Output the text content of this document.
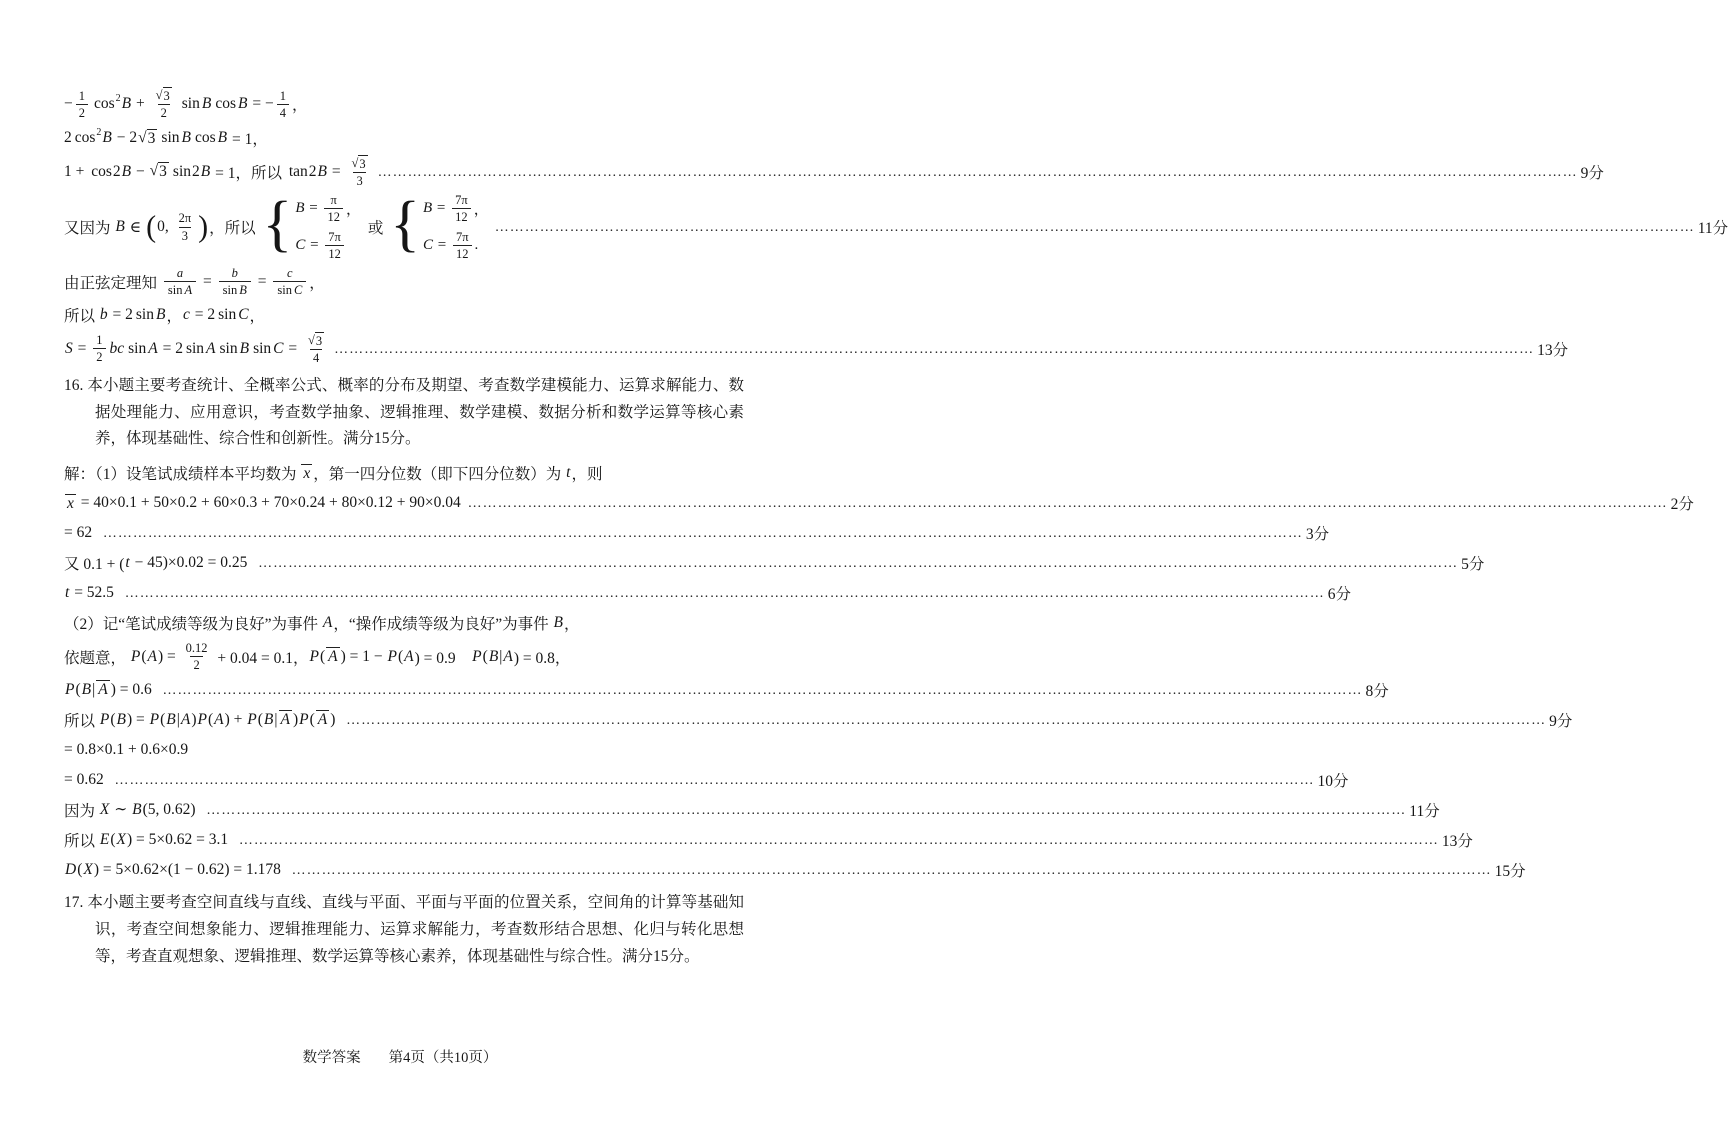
− $\frac{1}{2}$ cos 2 $B + \frac{√ 3}{2}$ sin B cos B = − $\frac{1}{4}$ ，
2 cos 2 B − 2 √ 3 sin B cos B = 1，
1 + cos 2 B − √ 3 sin 2 B = 1，所以 tan 2 $B = \frac{√ 3}{3}$ …………………………………………………………………………………………………………………………………………………………………………………………………………………… 9分
又因为 B ∈ ( 0, $\frac{2\pi}{3}$ ) ，所以 { $B = \frac{\pi}{12}$ ，
$C = \frac{7\pi}{12}$ 或 { $B = \frac{7\pi}{12}$ ，
$C = \frac{7\pi}{12}$ .
…………………………………………………………………………………………………………………………………………………………………………………………………………………… 11分
由正弦定理知 $\frac{a}{\text{sin A}} = \frac{b}{\text{sin B}} = \frac{c}{\text{sin C}}$ ，
所以 b = 2 sin B ， c = 2 sin C ，
$S = \frac{1}{2}$ bc sin A = 2 sin A sin B $\sin C = \frac{√ 3}{4}$ …………………………………………………………………………………………………………………………………………………………………………………………………………………… 13分
16. 本小题主要考查统计、全概率公式、概率的分布及期望、考查数学建模能力、运算求解能力、数据处理能力、应用意识，考查数学抽象、逻辑推理、数学建模、数据分析和数学运算等核心素养，体现基础性、综合性和创新性。满分15分。
解：（1）设笔试成绩样本平均数为 x ，第一四分位数（即下四分位数）为 t ，则
x = 40×0.1 + 50×0.2 + 60×0.3 + 70×0.24 + 80×0.12 + 90×0.04 …………………………………………………………………………………………………………………………………………………………………………………………………………………… 2分
= 62 …………………………………………………………………………………………………………………………………………………………………………………………………………………… 3分
又 0.1 + ( t − 45)×0.02 = 0.25 …………………………………………………………………………………………………………………………………………………………………………………………………………………… 5分
t = 52.5 …………………………………………………………………………………………………………………………………………………………………………………………………………………… 6分
（2）记“笔试成绩等级为良好”为事件 A ，“操作成绩等级为良好”为事件 B ，
依题意， P ( A ) = $\frac{0.12}{2} + 0.04 = 0.1$， P ( A ) = 1 − P ( A ) = 0.9　 P ( B | A ) = 0.8，
P ( B | A ) = 0.6 …………………………………………………………………………………………………………………………………………………………………………………………………………………… 8分
所以 P ( B ) = P ( B | A ) P ( A ) + P ( B | A ) P ( A ) …………………………………………………………………………………………………………………………………………………………………………………………………………………… 9分
= 0.8×0.1 + 0.6×0.9
= 0.62 …………………………………………………………………………………………………………………………………………………………………………………………………………………… 10分
因为 X ∼ B (5, 0.62) …………………………………………………………………………………………………………………………………………………………………………………………………………………… 11分
所以 E ( X ) = 5×0.62 = 3.1 …………………………………………………………………………………………………………………………………………………………………………………………………………………… 13分
D ( X ) = 5×0.62×(1 − 0.62) = 1.178 …………………………………………………………………………………………………………………………………………………………………………………………………………………… 15分
17. 本小题主要考查空间直线与直线、直线与平面、平面与平面的位置关系，空间角的计算等基础知识，考查空间想象能力、逻辑推理能力、运算求解能力，考查数形结合思想、化归与转化思想等，考查直观想象、逻辑推理、数学运算等核心素养，体现基础性与综合性。满分15分。
数学答案 第4页（共10页）
